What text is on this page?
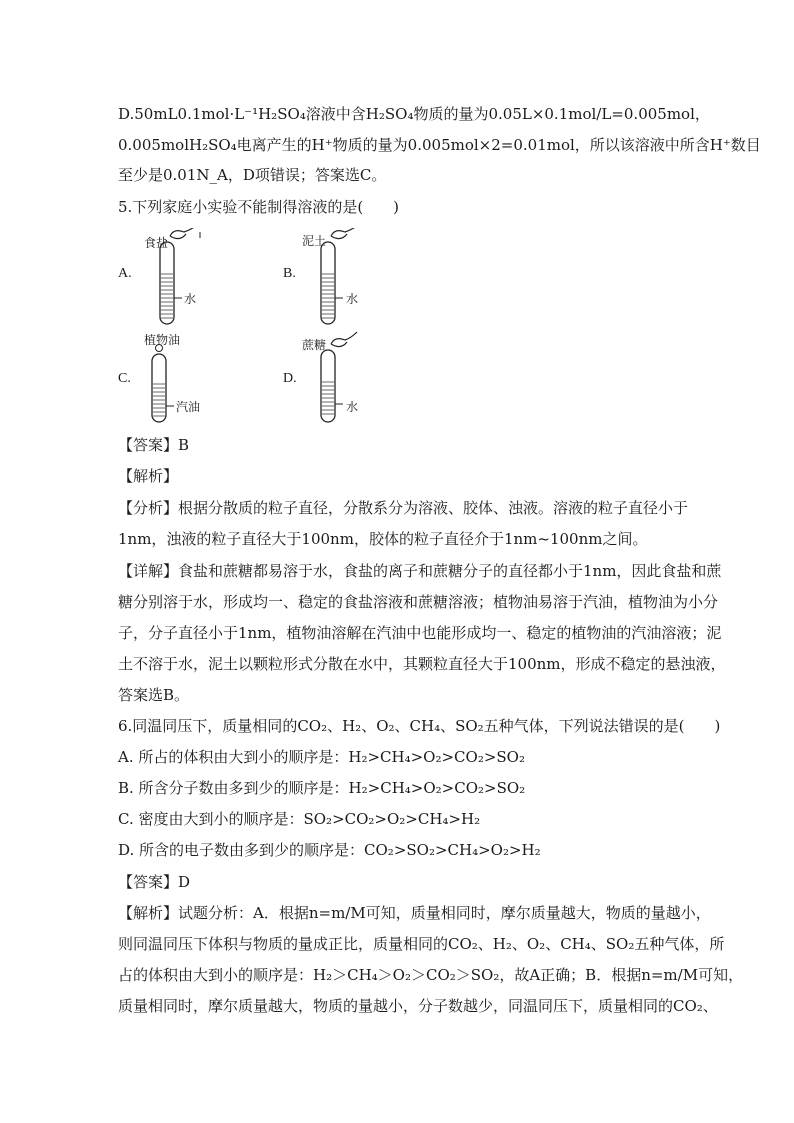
D.50mL0.1mol·L⁻¹H₂SO₄溶液中含H₂SO₄物质的量为0.05L×0.1mol/L=0.005mol，
0.005molH₂SO₄电离产生的H⁺物质的量为0.005mol×2=0.01mol，所以该溶液中所含H⁺数目
至少是0.01N_A，D项错误；答案选C。
5.下列家庭小实验不能制得溶液的是(　　)
A.
食盐
水
B.
泥土
水
C.
植物油
汽油
D.
蔗糖
水
【答案】B
【解析】
【分析】根据分散质的粒子直径，分散系分为溶液、胶体、浊液。溶液的粒子直径小于
1nm，浊液的粒子直径大于100nm，胶体的粒子直径介于1nm~100nm之间。
【详解】食盐和蔗糖都易溶于水，食盐的离子和蔗糖分子的直径都小于1nm，因此食盐和蔗
糖分别溶于水，形成均一、稳定的食盐溶液和蔗糖溶液；植物油易溶于汽油，植物油为小分
子，分子直径小于1nm，植物油溶解在汽油中也能形成均一、稳定的植物油的汽油溶液；泥
土不溶于水，泥土以颗粒形式分散在水中，其颗粒直径大于100nm，形成不稳定的悬浊液，
答案选B。
6.同温同压下，质量相同的CO₂、H₂、O₂、CH₄、SO₂五种气体，下列说法错误的是(　　)
A. 所占的体积由大到小的顺序是：H₂>CH₄>O₂>CO₂>SO₂
B. 所含分子数由多到少的顺序是：H₂>CH₄>O₂>CO₂>SO₂
C. 密度由大到小的顺序是：SO₂>CO₂>O₂>CH₄>H₂
D. 所含的电子数由多到少的顺序是：CO₂>SO₂>CH₄>O₂>H₂
【答案】D
【解析】试题分析：A．根据n=m/M可知，质量相同时，摩尔质量越大，物质的量越小，
则同温同压下体积与物质的量成正比，质量相同的CO₂、H₂、O₂、CH₄、SO₂五种气体，所
占的体积由大到小的顺序是：H₂＞CH₄＞O₂＞CO₂＞SO₂，故A正确；B．根据n=m/M可知，
质量相同时，摩尔质量越大，物质的量越小，分子数越少，同温同压下，质量相同的CO₂、
